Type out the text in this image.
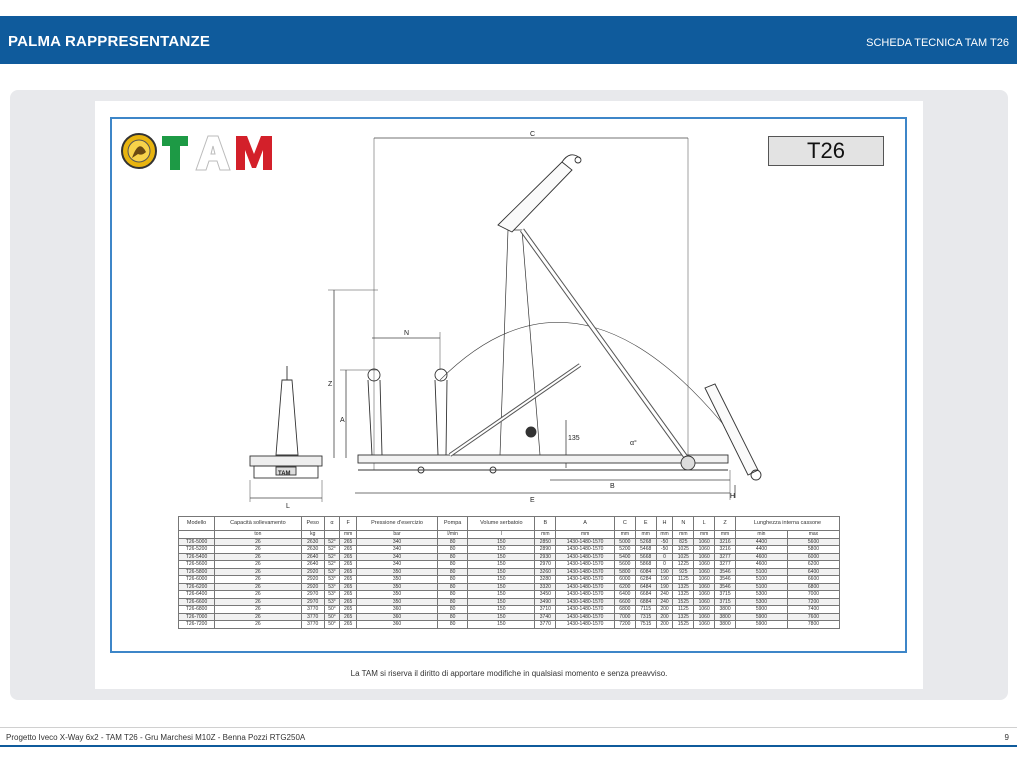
PALMA RAPPRESENTANZE	SCHEDA TECNICA TAM T26
T26
C
N
Z
A
E
B
H
L
135
α°
TAM
Modello	Capacità sollevamento	Peso	α	F	Pressione d'esercizio	Pompa	Volume serbatoio	B	A	C	E	H	N	L	Z	Lunghezza interna cassone	
	ton	kg		mm	bar	l/min	l	mm	mm	mm	mm	mm	mm	mm	mm	min	max
T26-5000	26	2630	52°	265	340	80	150	2850	1430-1480-1570	5000	5268	-50	825	1060	3216	4400	5600
T26-5200	26	2630	52°	265	340	80	150	2890	1430-1480-1570	5200	5468	-50	1025	1060	3216	4400	5800
T26-5400	26	2640	52°	265	340	80	150	2930	1430-1480-1570	5400	5668	0	1025	1060	3277	4600	6000
T26-5600	26	2640	52°	265	340	80	150	2970	1430-1480-1570	5600	5868	0	1225	1060	3277	4600	6200
T26-5800	26	2920	53°	265	350	80	150	3260	1430-1480-1570	5800	6084	190	925	1060	3546	5100	6400
T26-6000	26	2920	53°	265	350	80	150	3280	1430-1480-1570	6000	6284	190	1125	1060	3546	5100	6600
T26-6200	26	2920	53°	265	350	80	150	3320	1430-1480-1570	6200	6484	190	1325	1060	3546	5100	6800
T26-6400	26	2970	53°	265	350	80	150	3450	1430-1480-1570	6400	6684	240	1325	1060	3715	5300	7000
T26-6600	26	2970	53°	265	350	80	150	3490	1430-1480-1570	6600	6884	240	1525	1060	3715	5300	7200
T26-6800	26	3770	50°	265	360	80	150	3710	1430-1480-1570	6800	7115	200	1125	1060	3800	5900	7400
T26-7000	26	3770	50°	265	360	80	150	3740	1430-1480-1570	7000	7315	200	1325	1060	3800	5900	7600
T26-7200	26	3770	50°	265	360	80	150	3770	1430-1480-1570	7200	7515	200	1525	1060	3800	5900	7800
La TAM si riserva il diritto di apportare modifiche in qualsiasi momento e senza preavviso.
Progetto Iveco X-Way 6x2 - TAM T26 - Gru Marchesi M10Z - Benna Pozzi RTG250A	9
